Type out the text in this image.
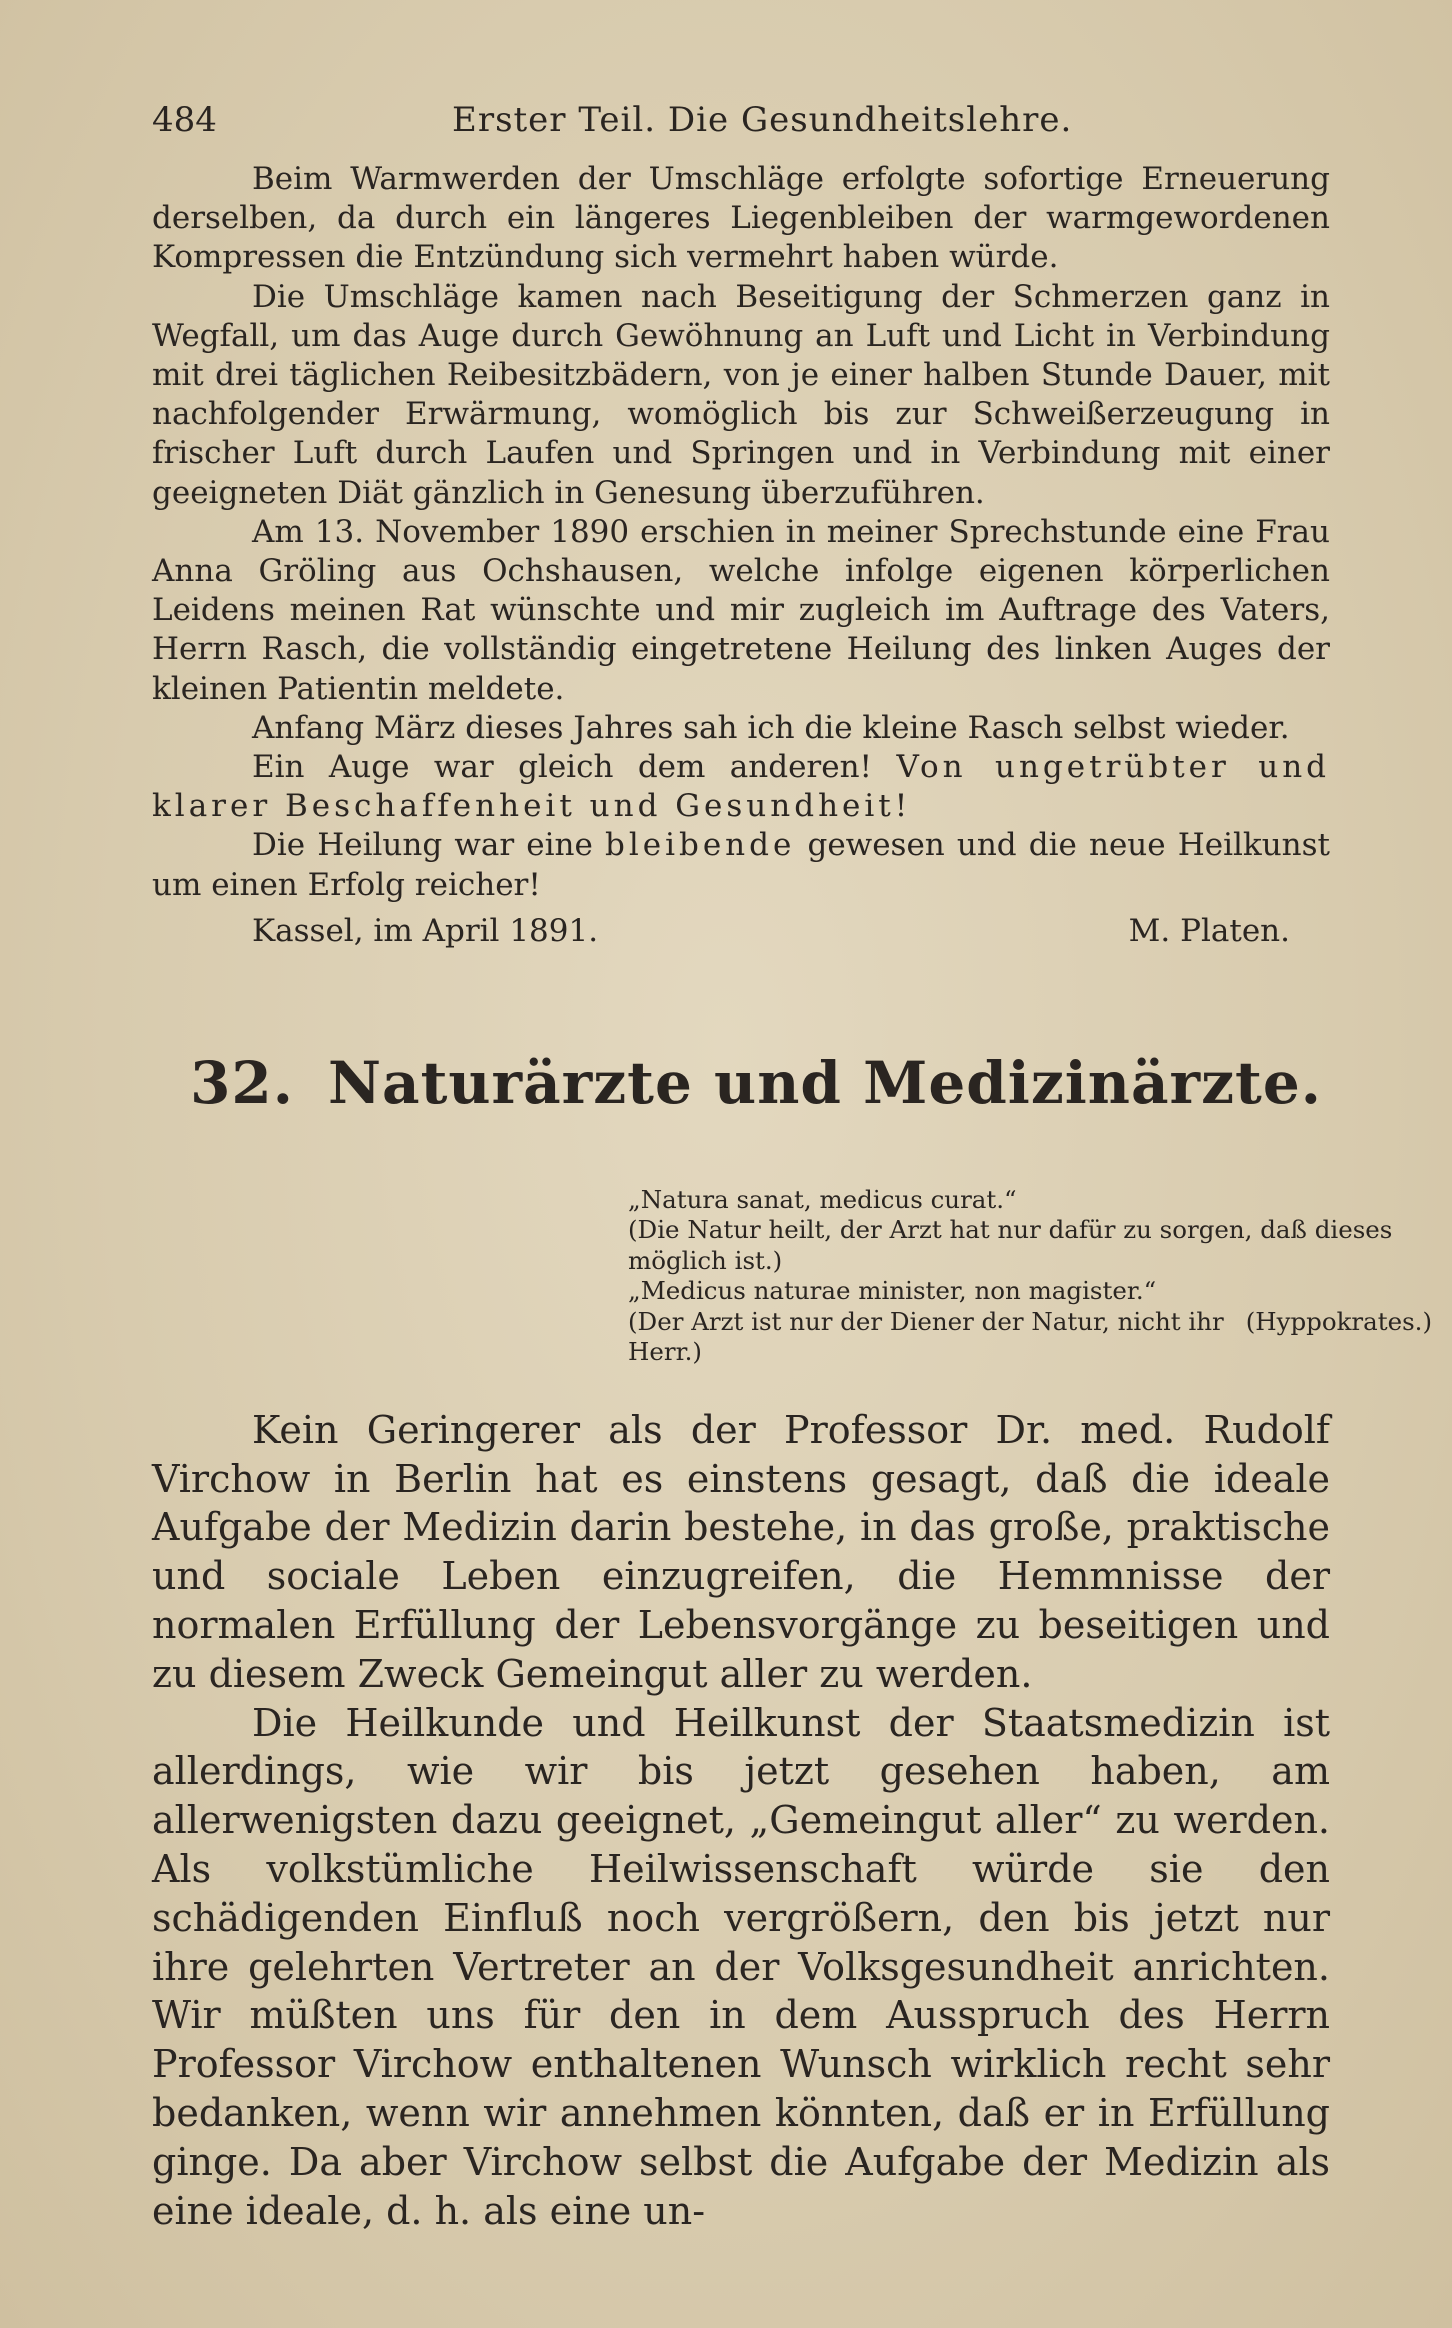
484	Erster Teil. Die Gesundheitslehre.

Beim Warmwerden der Umschläge erfolgte sofortige Erneuerung derselben, da durch ein längeres Liegenbleiben der warmgewordenen Kompressen die Entzündung sich vermehrt haben würde.

Die Umschläge kamen nach Beseitigung der Schmerzen ganz in Wegfall, um das Auge durch Gewöhnung an Luft und Licht in Verbindung mit drei täglichen Reibesitzbädern, von je einer halben Stunde Dauer, mit nachfolgender Erwärmung, womöglich bis zur Schweißerzeugung in frischer Luft durch Laufen und Springen und in Verbindung mit einer geeigneten Diät gänzlich in Genesung überzuführen.

Am 13. November 1890 erschien in meiner Sprechstunde eine Frau Anna Gröling aus Ochshausen, welche infolge eigenen körperlichen Leidens meinen Rat wünschte und mir zugleich im Auftrage des Vaters, Herrn Rasch, die vollständig eingetretene Heilung des linken Auges der kleinen Patientin meldete.

Anfang März dieses Jahres sah ich die kleine Rasch selbst wieder.

Ein Auge war gleich dem anderen! Von ungetrübter und klarer Beschaffenheit und Gesundheit!

Die Heilung war eine bleibende gewesen und die neue Heilkunst um einen Erfolg reicher!

Kassel, im April 1891.	M. Platen.
32. Naturärzte und Medizinärzte.

„Natura sanat, medicus curat.“

(Die Natur heilt, der Arzt hat nur dafür zu sorgen, daß dieses möglich ist.)

„Medicus naturae minister, non magister.“

(Der Arzt ist nur der Diener der Natur, nicht ihr Herr.)
(Hyppokrates.)

Kein Geringerer als der Professor Dr. med. Rudolf Virchow in Berlin hat es einstens gesagt, daß die ideale Aufgabe der Medizin darin bestehe, in das große, praktische und sociale Leben einzugreifen, die Hemmnisse der normalen Erfüllung der Lebensvorgänge zu beseitigen und zu diesem Zweck Gemeingut aller zu werden.

Die Heilkunde und Heilkunst der Staatsmedizin ist allerdings, wie wir bis jetzt gesehen haben, am allerwenigsten dazu geeignet, „Gemeingut aller“ zu werden. Als volkstümliche Heilwissenschaft würde sie den schädigenden Einfluß noch vergrößern, den bis jetzt nur ihre gelehrten Vertreter an der Volksgesundheit anrichten. Wir müßten uns für den in dem Ausspruch des Herrn Professor Virchow enthaltenen Wunsch wirklich recht sehr bedanken, wenn wir annehmen könnten, daß er in Erfüllung ginge. Da aber Virchow selbst die Aufgabe der Medizin als eine ideale, d. h. als eine un-
